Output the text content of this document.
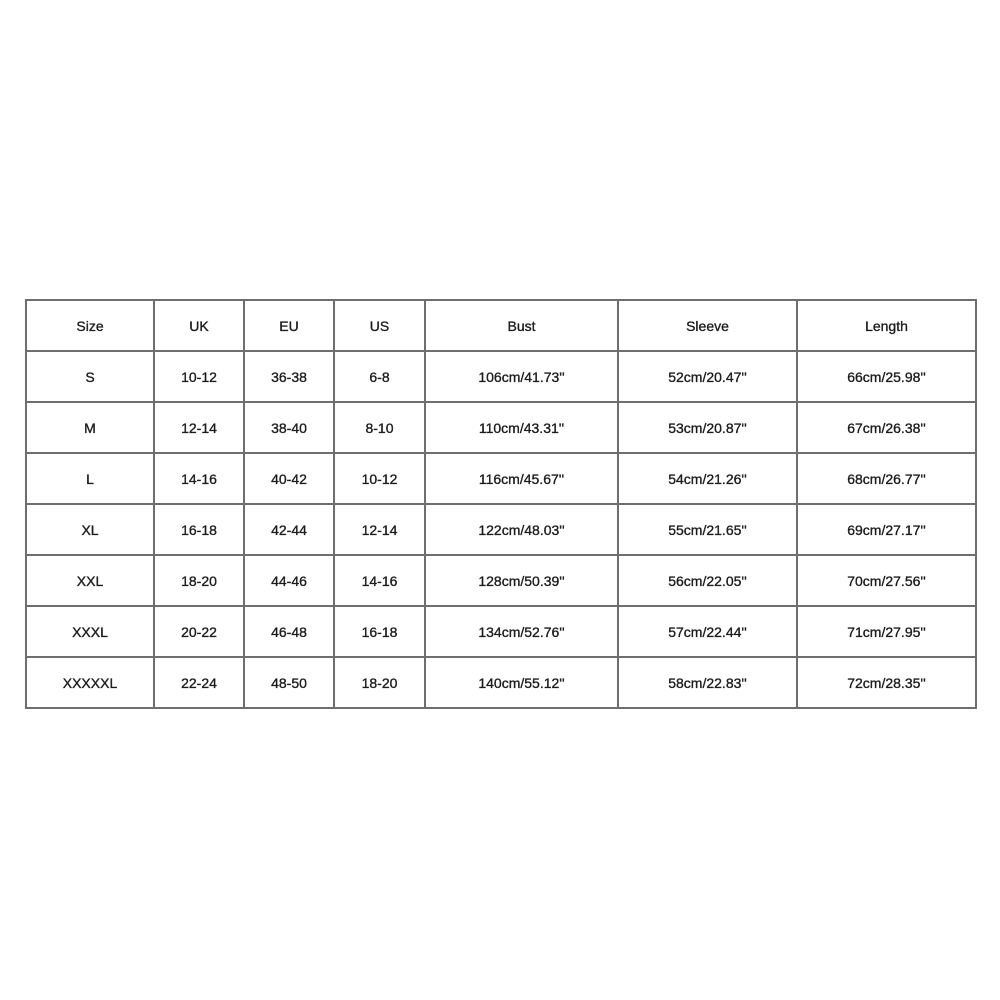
Size	UK	EU	US	Bust	Sleeve	Length
S	10-12	36-38	6-8	106cm/41.73''	52cm/20.47''	66cm/25.98''
M	12-14	38-40	8-10	110cm/43.31''	53cm/20.87''	67cm/26.38''
L	14-16	40-42	10-12	116cm/45.67''	54cm/21.26''	68cm/26.77''
XL	16-18	42-44	12-14	122cm/48.03''	55cm/21.65''	69cm/27.17''
XXL	18-20	44-46	14-16	128cm/50.39''	56cm/22.05''	70cm/27.56''
XXXL	20-22	46-48	16-18	134cm/52.76''	57cm/22.44''	71cm/27.95''
XXXXXL	22-24	48-50	18-20	140cm/55.12''	58cm/22.83''	72cm/28.35''
